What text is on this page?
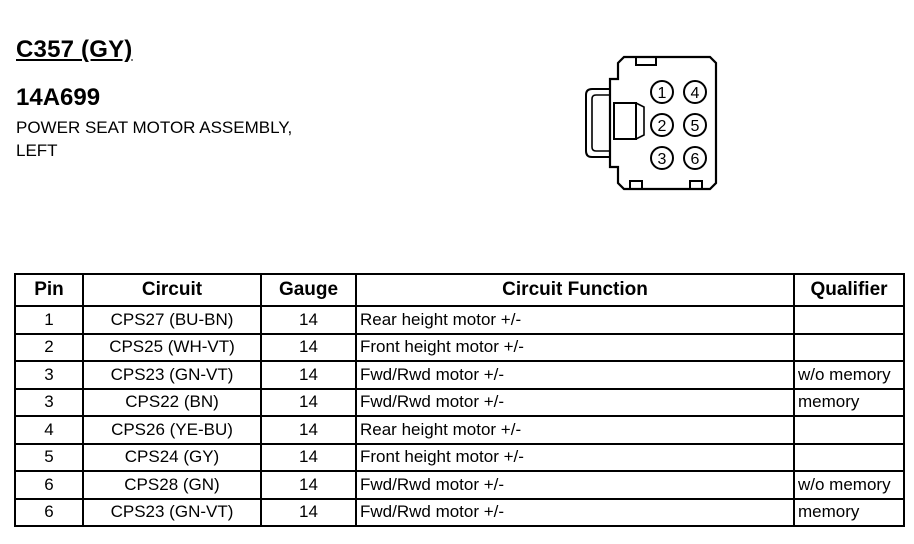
C357 (GY)
14A699
POWER SEAT MOTOR ASSEMBLY,
LEFT
1 4
2 5
3 6
Pin	Circuit	Gauge	Circuit Function	Qualifier
1	CPS27 (BU-BN)	14	Rear height motor +/-	
2	CPS25 (WH-VT)	14	Front height motor +/-	
3	CPS23 (GN-VT)	14	Fwd/Rwd motor +/-	w/o memory
3	CPS22 (BN)	14	Fwd/Rwd motor +/-	memory
4	CPS26 (YE-BU)	14	Rear height motor +/-	
5	CPS24 (GY)	14	Front height motor +/-	
6	CPS28 (GN)	14	Fwd/Rwd motor +/-	w/o memory
6	CPS23 (GN-VT)	14	Fwd/Rwd motor +/-	memory
